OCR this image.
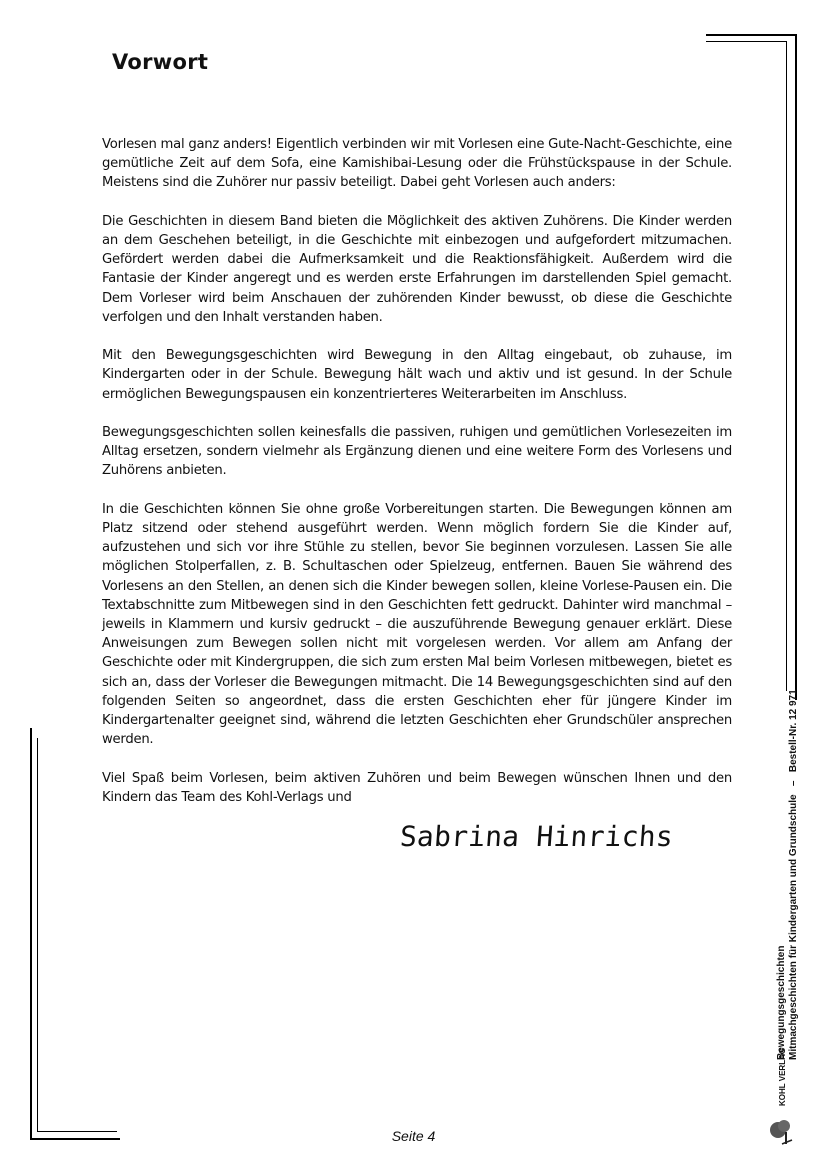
Vorwort

Vorlesen mal ganz anders! Eigentlich verbinden wir mit Vorlesen eine Gute-Nacht-Geschichte, eine gemütliche Zeit auf dem Sofa, eine Kamishibai-Lesung oder die Frühstückspause in der Schule. Meistens sind die Zuhörer nur passiv beteiligt. Dabei geht Vorlesen auch anders:

Die Geschichten in diesem Band bieten die Möglichkeit des aktiven Zuhörens. Die Kinder werden an dem Geschehen beteiligt, in die Geschichte mit einbezogen und aufgefordert mitzumachen. Gefördert werden dabei die Aufmerksamkeit und die Reaktionsfähigkeit. Außerdem wird die Fantasie der Kinder angeregt und es werden erste Erfahrungen im darstellenden Spiel gemacht. Dem Vorleser wird beim Anschauen der zuhörenden Kinder bewusst, ob diese die Geschichte verfolgen und den Inhalt verstanden haben.

Mit den Bewegungsgeschichten wird Bewegung in den Alltag eingebaut, ob zuhause, im Kindergarten oder in der Schule. Bewegung hält wach und aktiv und ist gesund. In der Schule ermöglichen Bewegungspausen ein konzentrierteres Weiterarbeiten im Anschluss.

Bewegungsgeschichten sollen keinesfalls die passiven, ruhigen und gemütlichen Vorlesezeiten im Alltag ersetzen, sondern vielmehr als Ergänzung dienen und eine weitere Form des Vorlesens und Zuhörens anbieten.

In die Geschichten können Sie ohne große Vorbereitungen starten. Die Bewegungen können am Platz sitzend oder stehend ausgeführt werden. Wenn möglich fordern Sie die Kinder auf, aufzustehen und sich vor ihre Stühle zu stellen, bevor Sie beginnen vorzulesen. Lassen Sie alle möglichen Stolperfallen, z. B. Schultaschen oder Spielzeug, entfernen. Bauen Sie während des Vorlesens an den Stellen, an denen sich die Kinder bewegen sollen, kleine Vorlese-Pausen ein. Die Textabschnitte zum Mitbewegen sind in den Geschichten fett gedruckt. Dahinter wird manchmal – jeweils in Klammern und kursiv gedruckt – die auszuführende Bewegung genauer erklärt. Diese Anweisungen zum Bewegen sollen nicht mit vorgelesen werden. Vor allem am Anfang der Geschichte oder mit Kindergruppen, die sich zum ersten Mal beim Vorlesen mitbewegen, bietet es sich an, dass der Vorleser die Bewegungen mitmacht. Die 14 Bewegungsgeschichten sind auf den folgenden Seiten so angeordnet, dass die ersten Geschichten eher für jüngere Kinder im Kindergartenalter geeignet sind, während die letzten Geschichten eher Grundschüler ansprechen werden.

Viel Spaß beim Vorlesen, beim aktiven Zuhören und beim Bewegen wünschen Ihnen und den Kindern das Team des Kohl-Verlags und

Sabrina Hinrichs
Seite 4
Bewegungsgeschichten Mitmachgeschichten für Kindergarten und Grundschule   –   Bestell-Nr. 12 971
KOHL VERLAG
